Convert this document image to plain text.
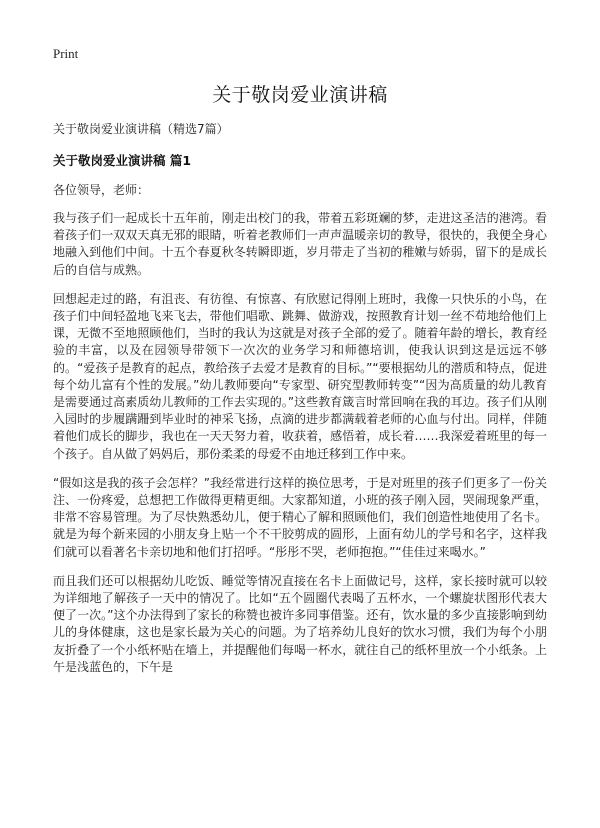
Print
关于敬岗爱业演讲稿

关于敬岗爱业演讲稿（精选7篇）

关于敬岗爱业演讲稿 篇1

各位领导，老师：

我与孩子们一起成长十五年前，刚走出校门的我，带着五彩斑斓的梦，走进这圣洁的港湾。看着孩子们一双双天真无邪的眼睛，听着老教师们一声声温暖亲切的教导，很快的，我便全身心地融入到他们中间。十五个春夏秋冬转瞬即逝，岁月带走了当初的稚嫩与娇弱，留下的是成长后的自信与成熟。

回想起走过的路，有沮丧、有彷徨、有惊喜、有欣慰记得刚上班时，我像一只快乐的小鸟，在孩子们中间轻盈地飞来飞去，带他们唱歌、跳舞、做游戏，按照教育计划一丝不苟地给他们上课，无微不至地照顾他们，当时的我认为这就是对孩子全部的爱了。随着年龄的增长，教育经验的丰富，以及在园领导带领下一次次的业务学习和师德培训，使我认识到这是远远不够的。“爱孩子是教育的起点，教给孩子去爱才是教育的目标。”“要根据幼儿的潜质和特点，促进每个幼儿富有个性的发展。”幼儿教师要向“专家型、研究型教师转变”“因为高质量的幼儿教育是需要通过高素质幼儿教师的工作去实现的。”这些教育箴言时常回响在我的耳边。孩子们从刚入园时的步履蹒跚到毕业时的神采飞扬，点滴的进步都满载着老师的心血与付出。同样，伴随着他们成长的脚步，我也在一天天努力着，收获着，感悟着，成长着……我深爱着班里的每一个孩子。自从做了妈妈后，那份柔柔的母爱不由地迁移到工作中来。

“假如这是我的孩子会怎样？”我经常进行这样的换位思考，于是对班里的孩子们更多了一份关注、一份疼爱，总想把工作做得更精更细。大家都知道，小班的孩子刚入园，哭闹现象严重，非常不容易管理。为了尽快熟悉幼儿，便于精心了解和照顾他们，我们创造性地使用了名卡。就是为每个新来园的小朋友身上贴一个不干胶剪成的圆形，上面有幼儿的学号和名字，这样我们就可以看著名卡亲切地和他们打招呼。“彤彤不哭，老师抱抱。”“佳佳过来喝水。”

而且我们还可以根据幼儿吃饭、睡觉等情况直接在名卡上面做记号，这样，家长接时就可以较为详细地了解孩子一天中的情况了。比如“五个圆圈代表喝了五杯水，一个螺旋状图形代表大便了一次。”这个办法得到了家长的称赞也被许多同事借鉴。还有，饮水量的多少直接影响到幼儿的身体健康，这也是家长最为关心的问题。为了培养幼儿良好的饮水习惯，我们为每个小朋友折叠了一个小纸杯贴在墙上，并提醒他们每喝一杯水，就往自己的纸杯里放一个小纸条。上午是浅蓝色的，下午是
